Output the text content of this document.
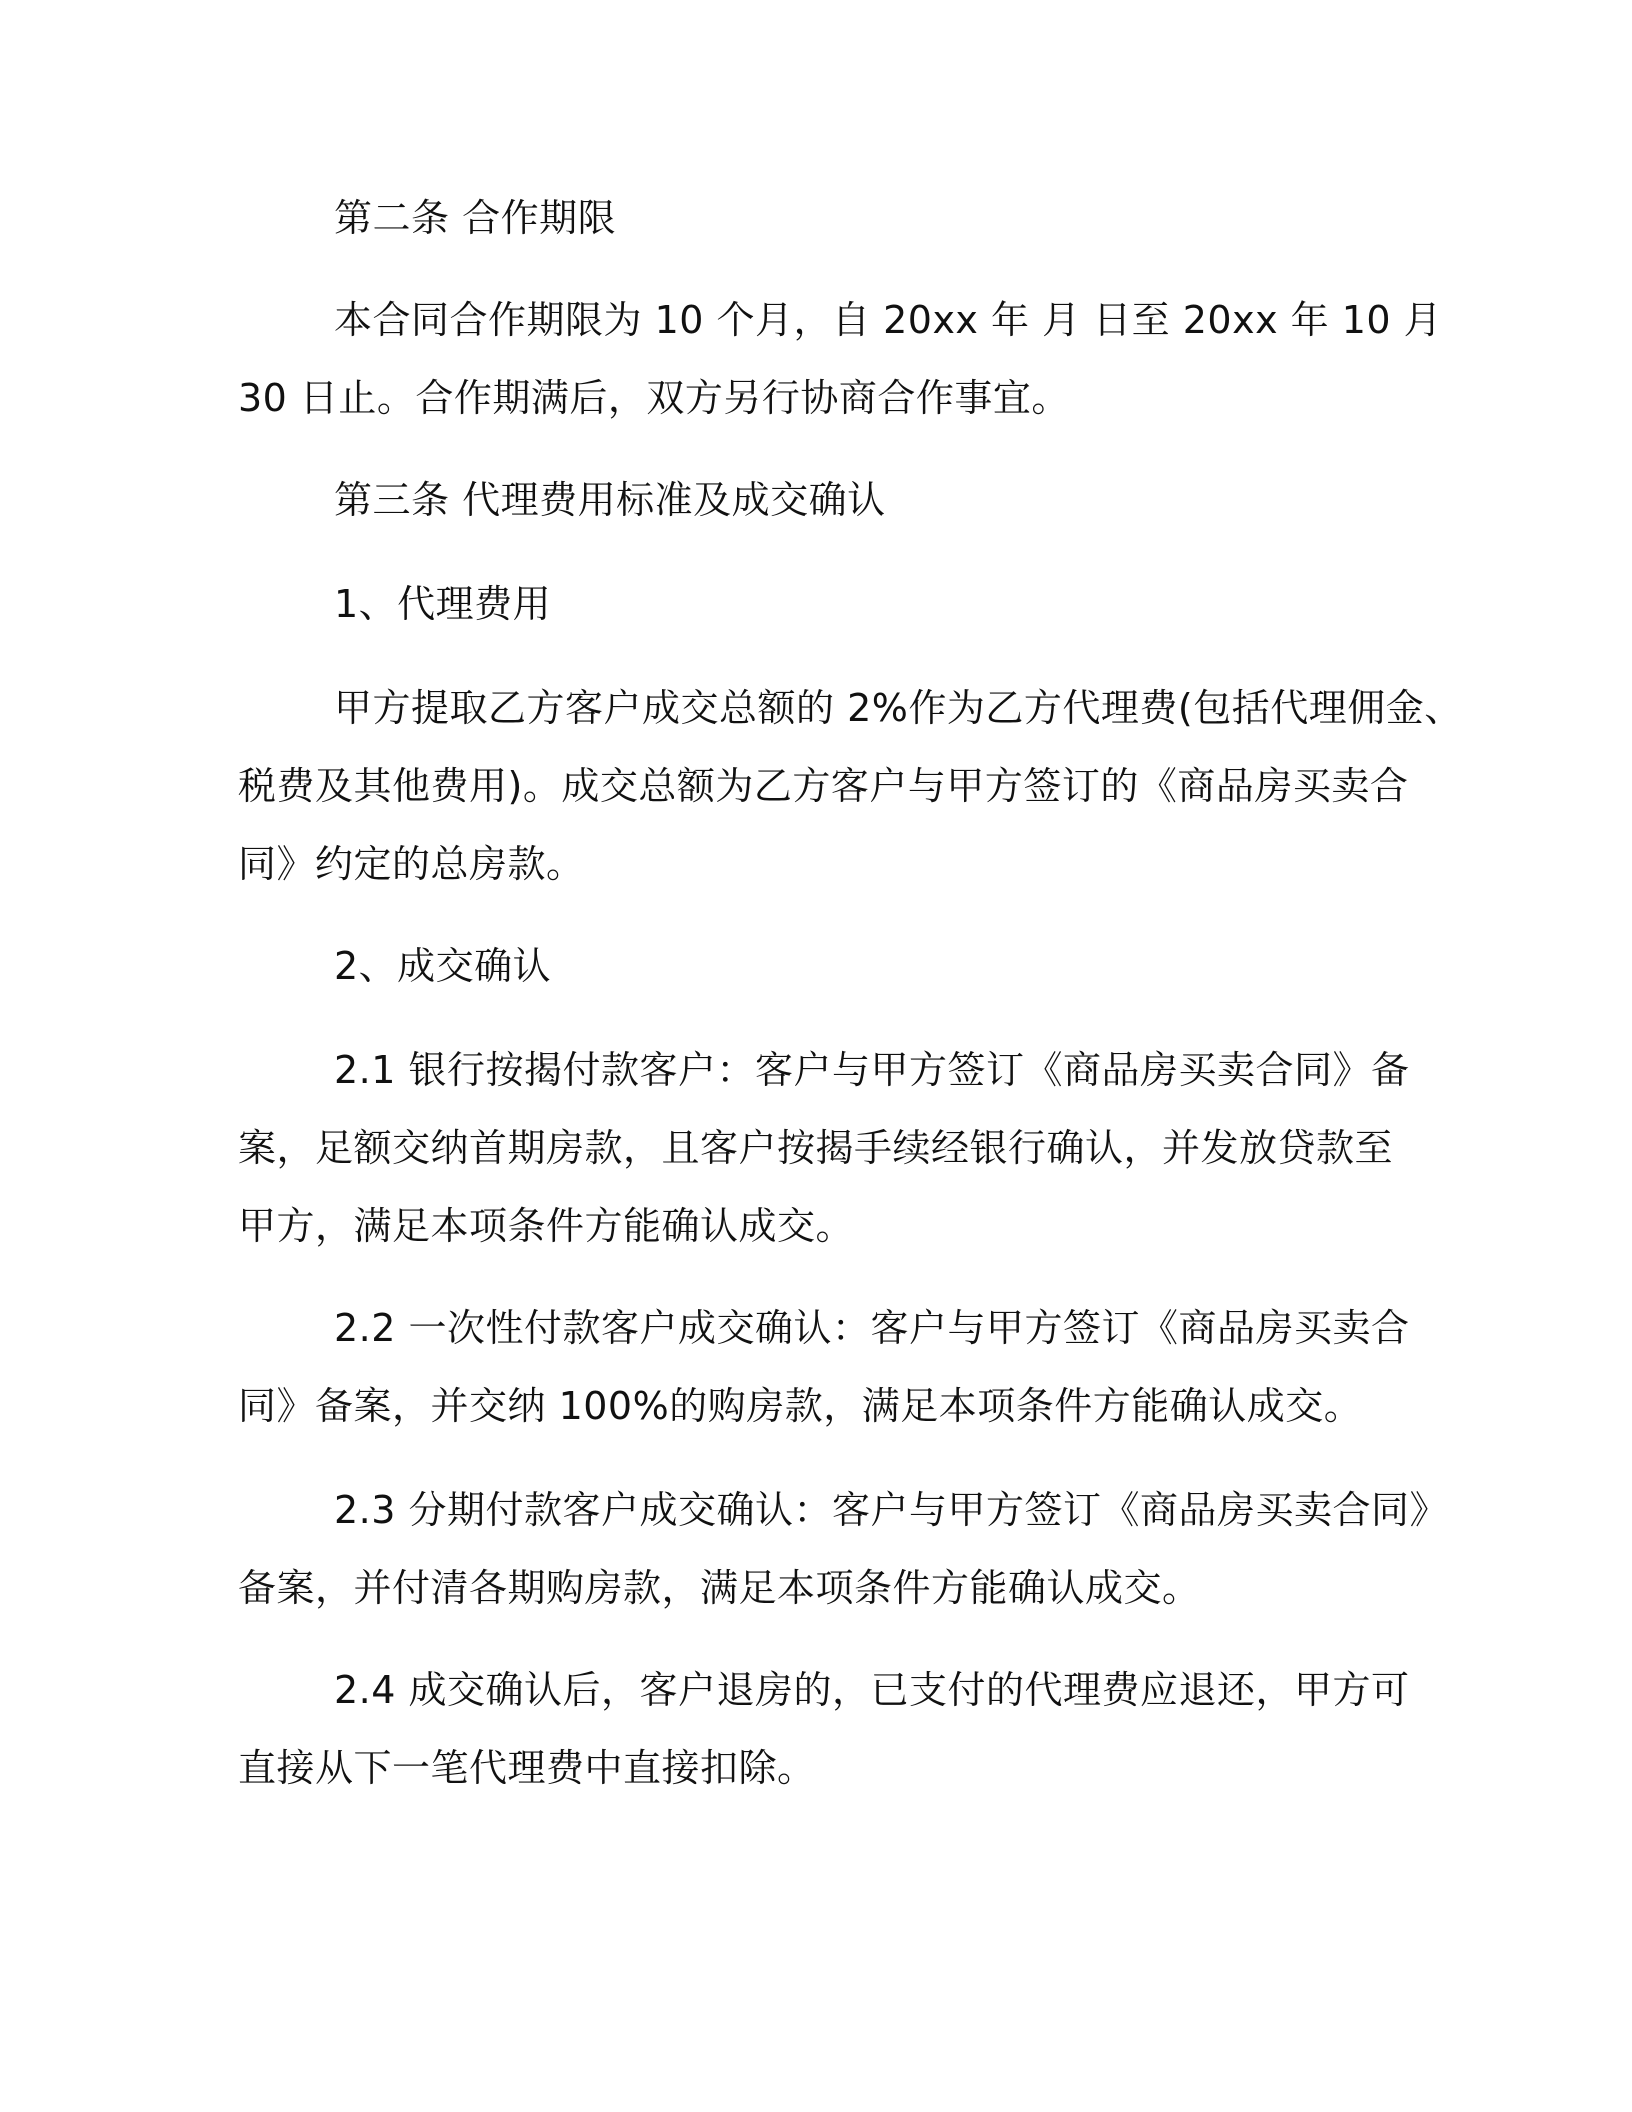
第二条 合作期限

本合同合作期限为 10 个月，自 20xx 年 月 日至 20xx 年 10 月

30 日止。合作期满后，双方另行协商合作事宜。

第三条 代理费用标准及成交确认

1、代理费用

甲方提取乙方客户成交总额的 2%作为乙方代理费(包括代理佣金、

税费及其他费用)。成交总额为乙方客户与甲方签订的《商品房买卖合

同》约定的总房款。

2、成交确认

2.1 银行按揭付款客户：客户与甲方签订《商品房买卖合同》备

案，足额交纳首期房款，且客户按揭手续经银行确认，并发放贷款至

甲方，满足本项条件方能确认成交。

2.2 一次性付款客户成交确认：客户与甲方签订《商品房买卖合

同》备案，并交纳 100%的购房款，满足本项条件方能确认成交。

2.3 分期付款客户成交确认：客户与甲方签订《商品房买卖合同》

备案，并付清各期购房款，满足本项条件方能确认成交。

2.4 成交确认后，客户退房的，已支付的代理费应退还，甲方可

直接从下一笔代理费中直接扣除。
